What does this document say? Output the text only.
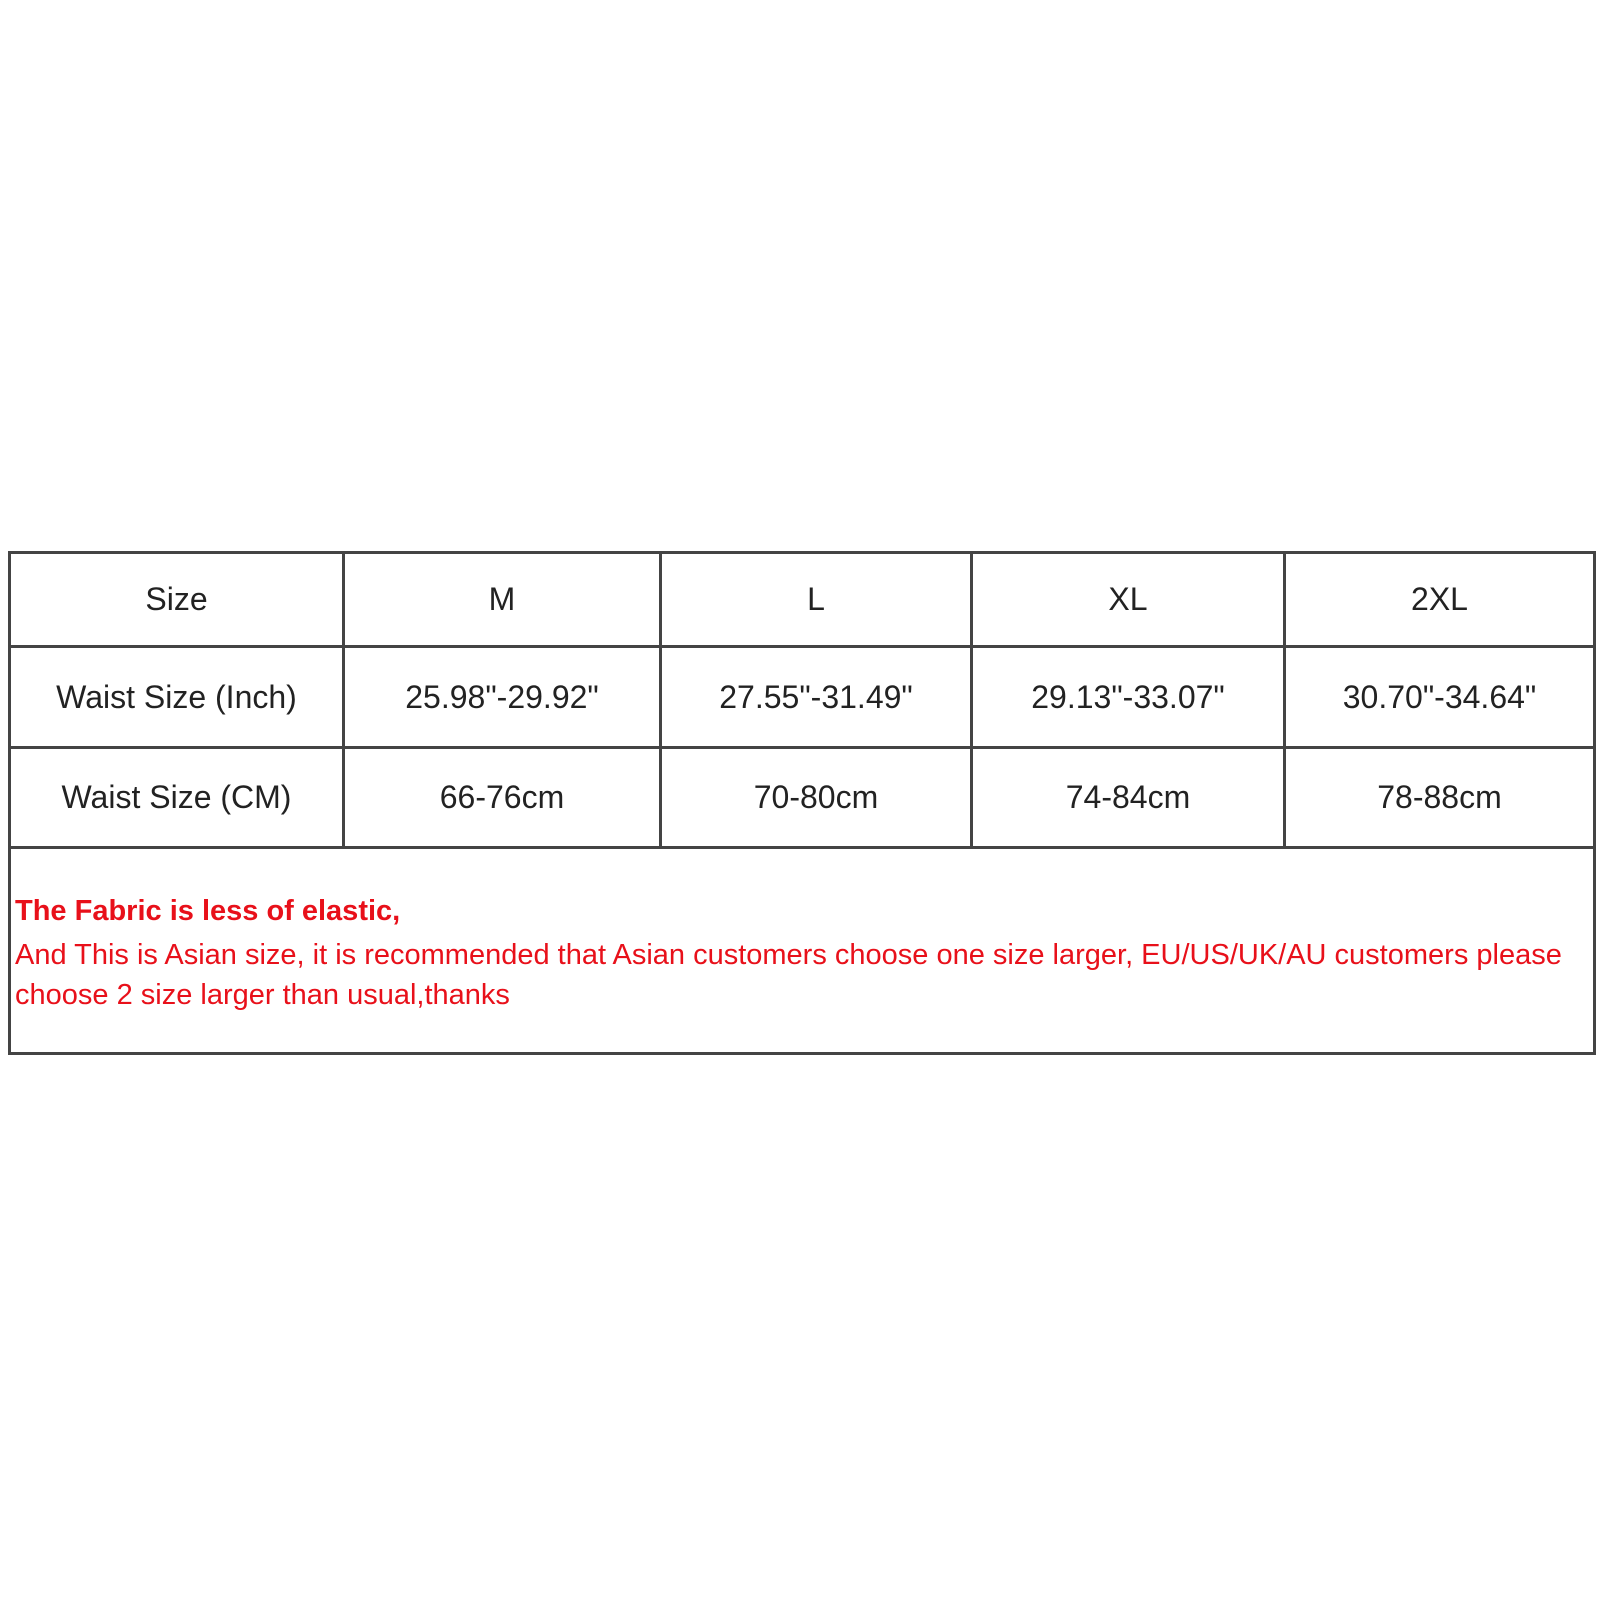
Size	M	L	XL	2XL
Waist Size (Inch)	25.98"-29.92"	27.55"-31.49"	29.13"-33.07"	30.70"-34.64"
Waist Size (CM)	66-76cm	70-80cm	74-84cm	78-88cm

The Fabric is less of elastic,
And This is Asian size, it is recommended that Asian customers choose one size larger, EU/US/UK/AU customers please choose 2 size larger than usual,thanks				
